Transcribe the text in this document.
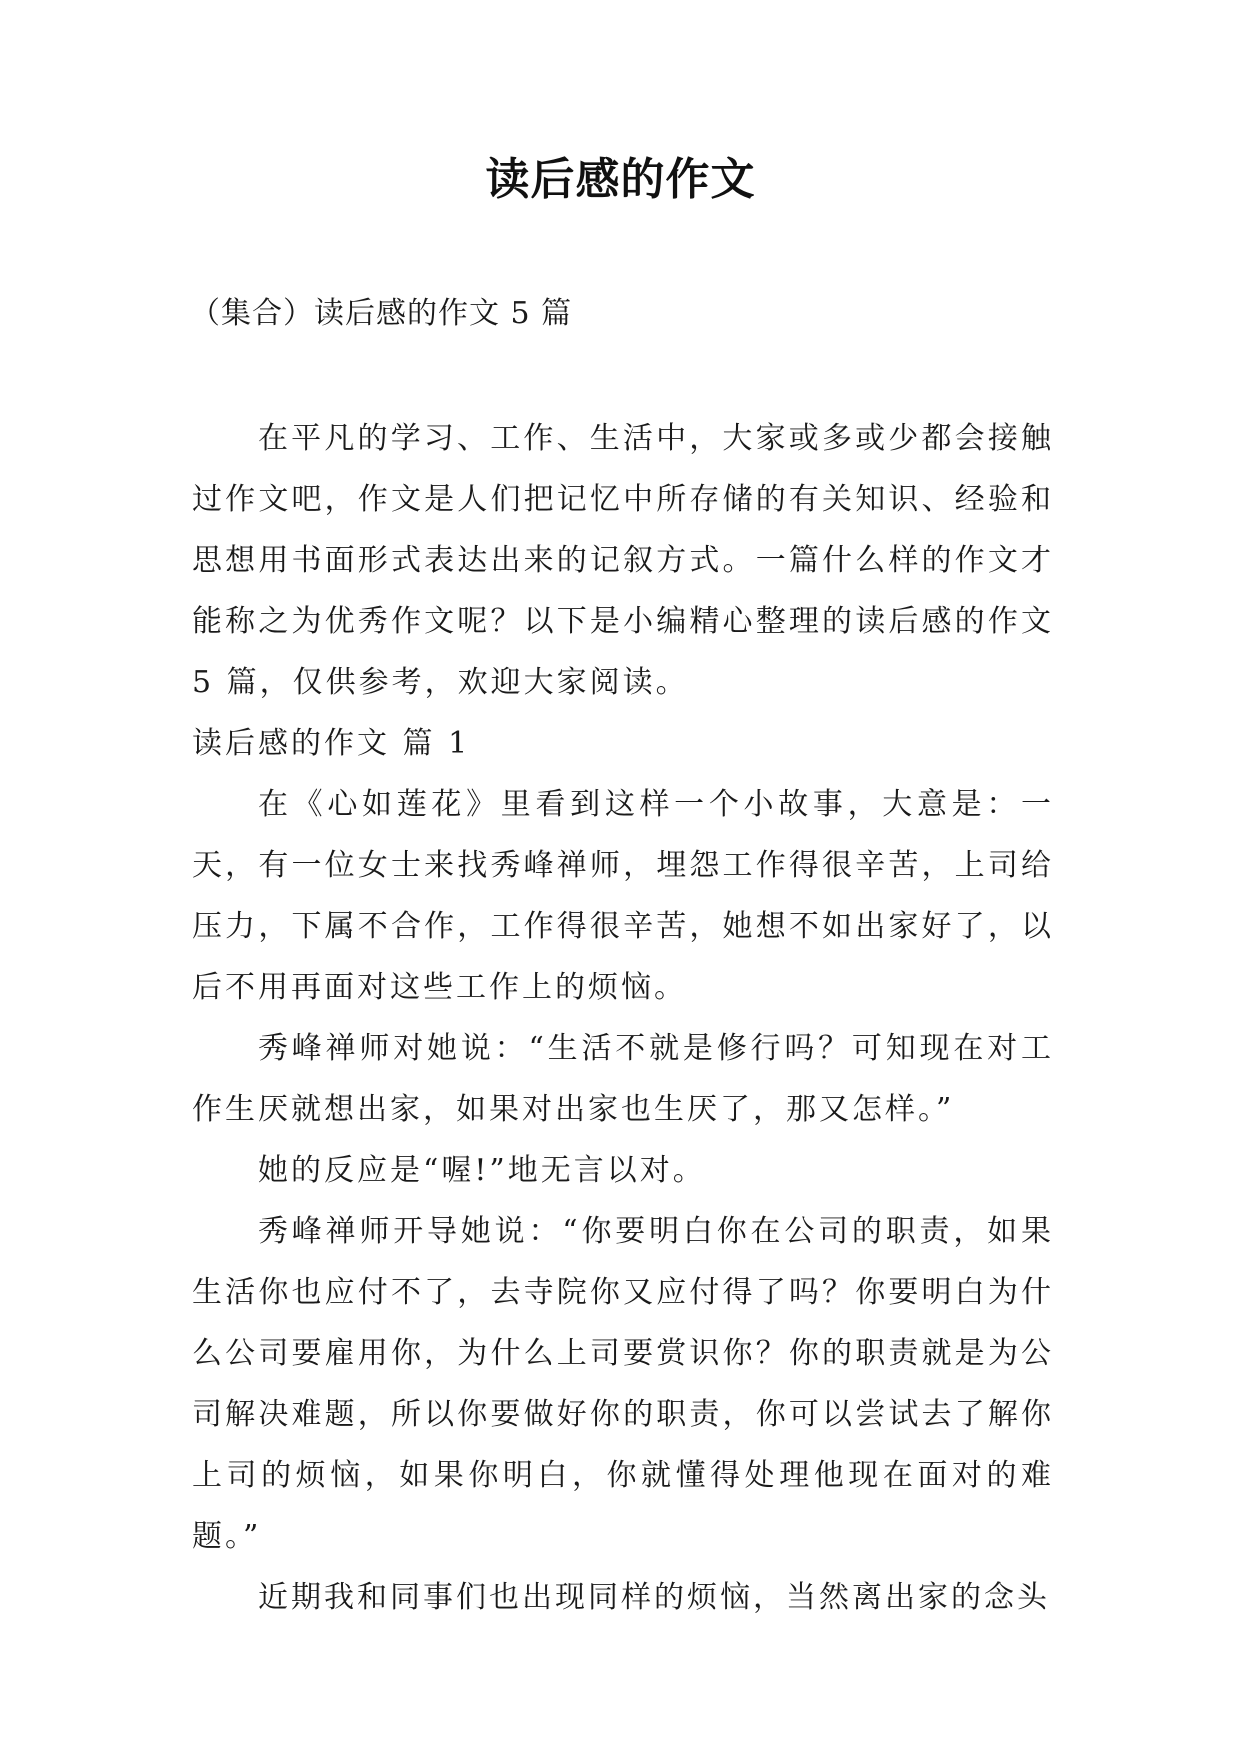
读后感的作文

（集合）读后感的作文 5 篇

在平凡的学习、工作、生活中，大家或多或少都会接触过作文吧，作文是人们把记忆中所存储的有关知识、经验和思想用书面形式表达出来的记叙方式。一篇什么样的作文才能称之为优秀作文呢？以下是小编精心整理的读后感的作文 5 篇，仅供参考，欢迎大家阅读。

读后感的作文 篇 1

在《心如莲花》里看到这样一个小故事，大意是：一天，有一位女士来找秀峰禅师，埋怨工作得很辛苦，上司给压力，下属不合作，工作得很辛苦，她想不如出家好了，以后不用再面对这些工作上的烦恼。

秀峰禅师对她说：“生活不就是修行吗？可知现在对工作生厌就想出家，如果对出家也生厌了，那又怎样。”

她的反应是“喔!”地无言以对。

秀峰禅师开导她说：“你要明白你在公司的职责，如果生活你也应付不了，去寺院你又应付得了吗？你要明白为什么公司要雇用你，为什么上司要赏识你？你的职责就是为公司解决难题，所以你要做好你的职责，你可以尝试去了解你上司的烦恼，如果你明白，你就懂得处理他现在面对的难题。”

近期我和同事们也出现同样的烦恼，当然离出家的念头
